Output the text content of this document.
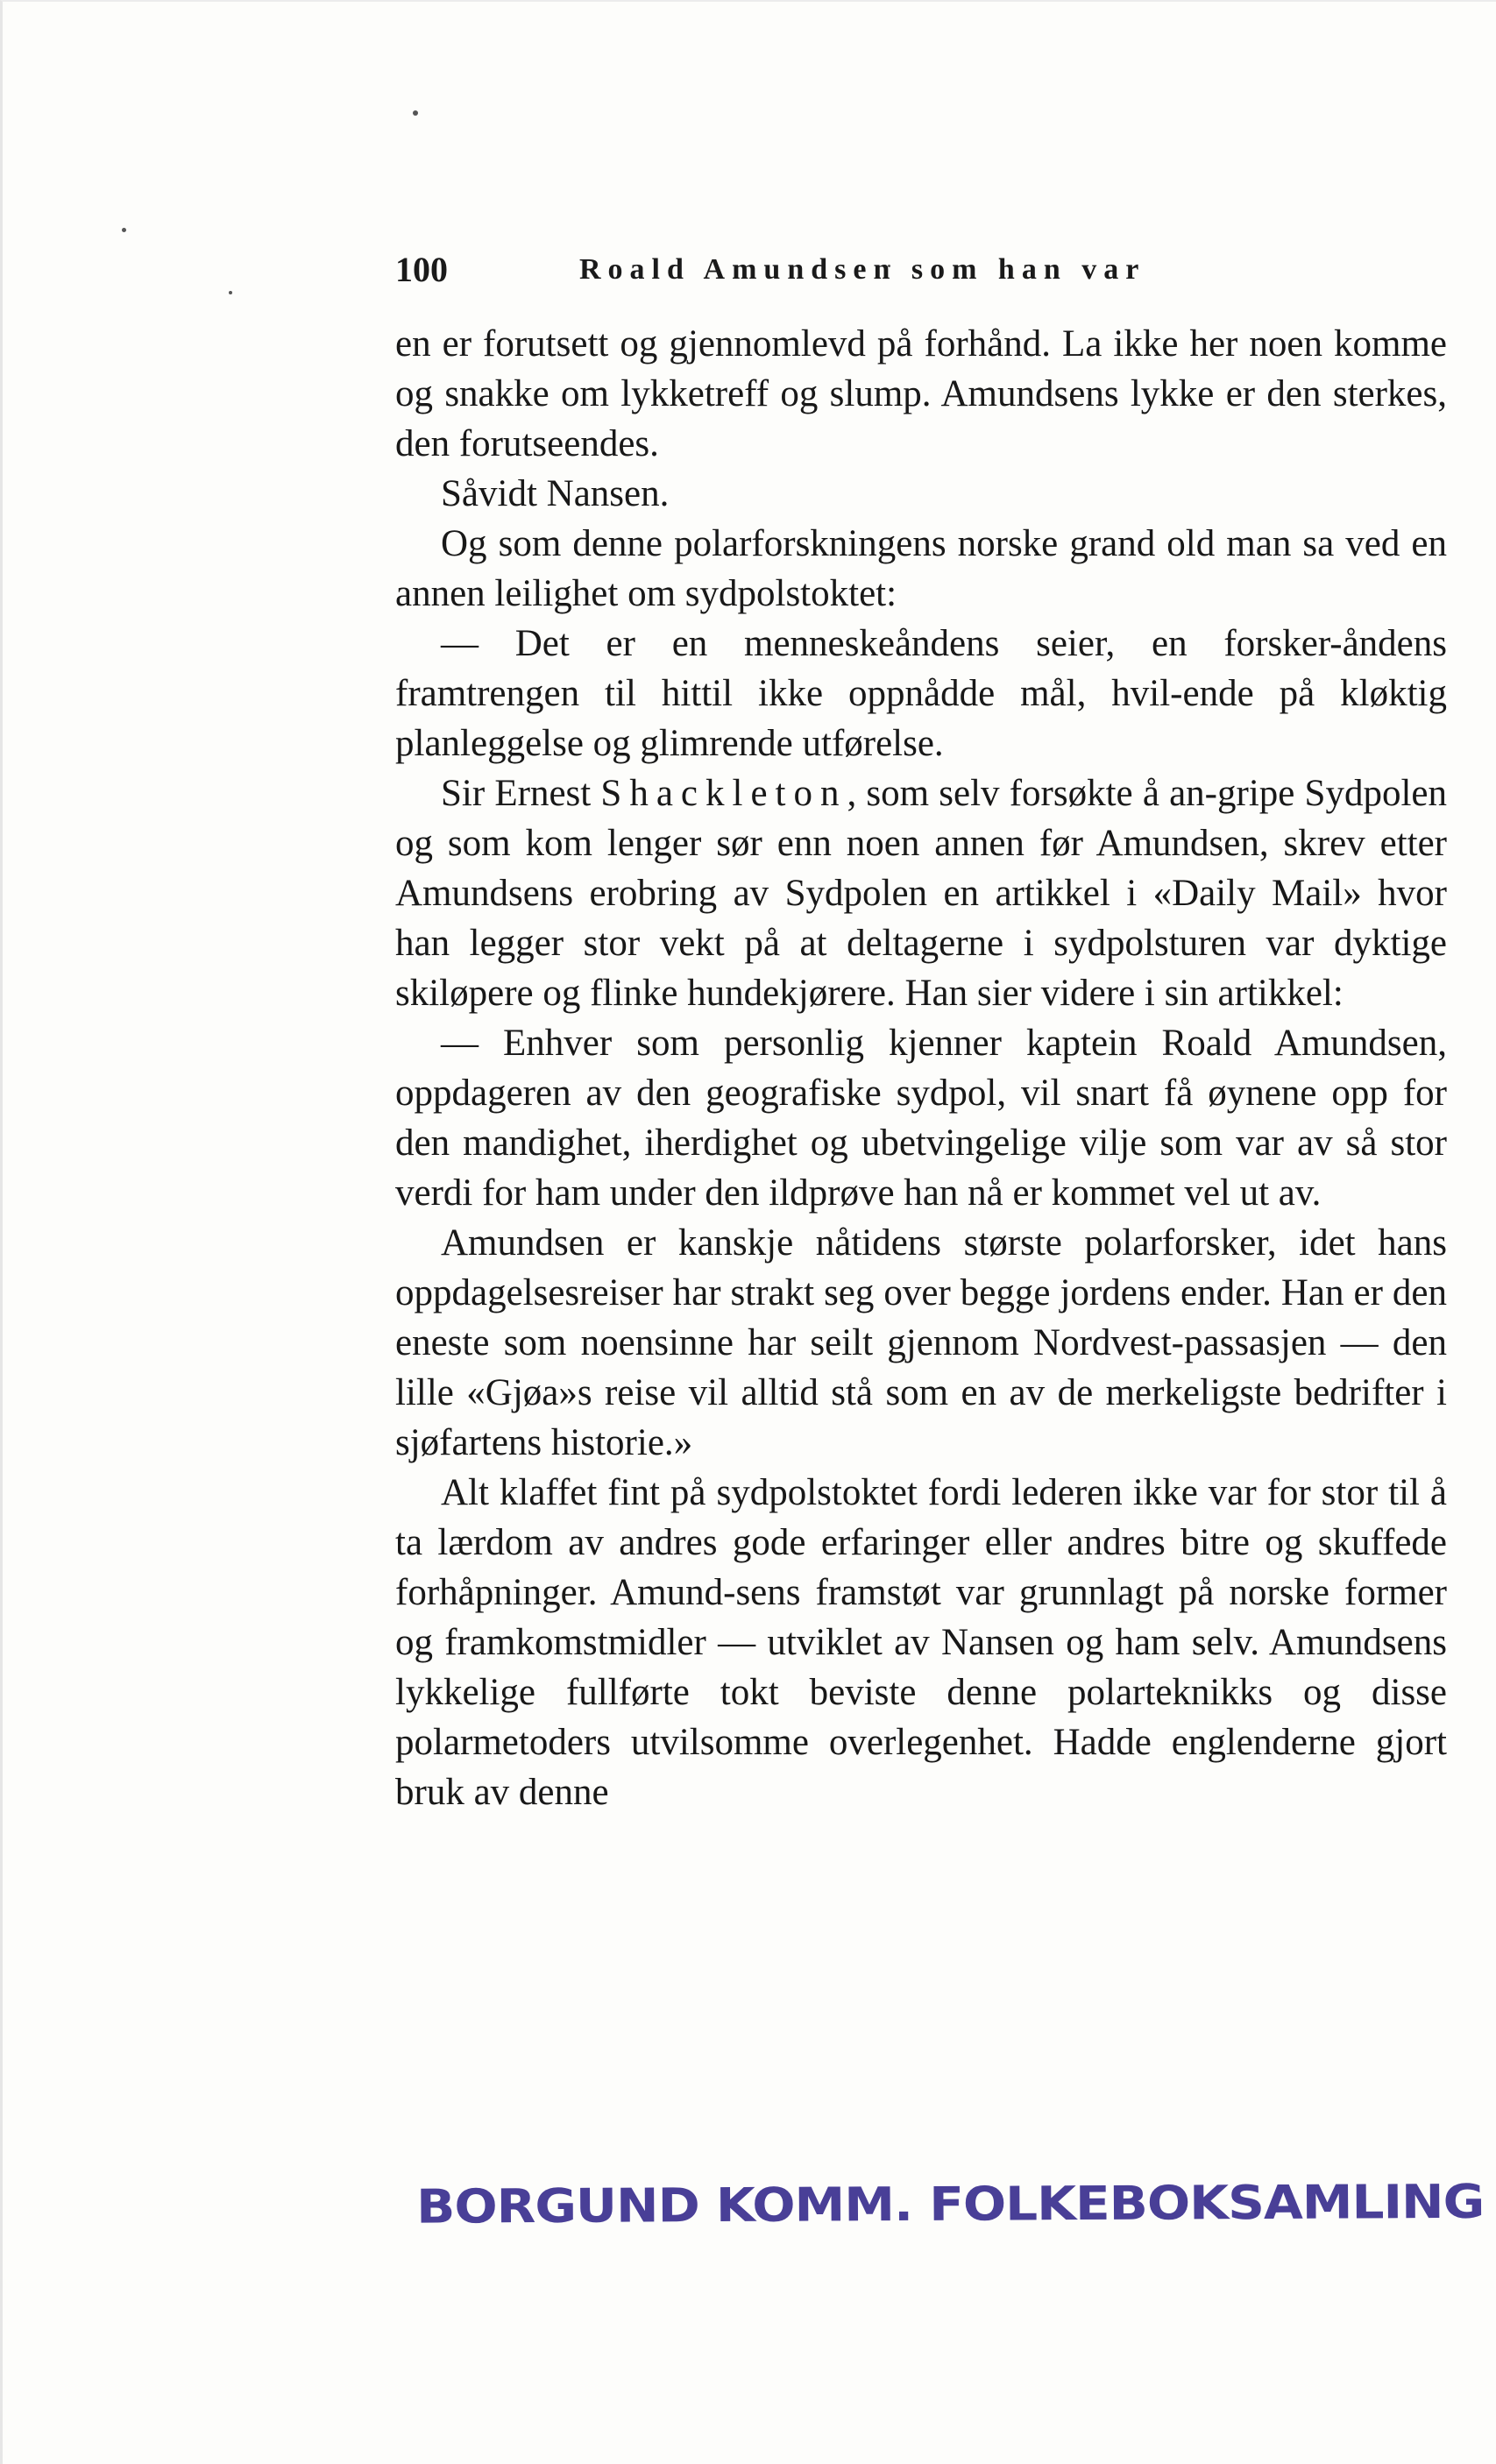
100	Roald Amundsen som han var

en er forutsett og gjennomlevd på forhånd. La ikke her noen komme og snakke om lykketreff og slump. Amundsens lykke er den sterkes, den forutseendes.

Såvidt Nansen.

Og som denne polarforskningens norske grand old man sa ved en annen leilighet om sydpolstoktet:

— Det er en menneskeåndens seier, en forsker-åndens framtrengen til hittil ikke oppnådde mål, hvil-ende på kløktig planleggelse og glimrende utførelse.

Sir Ernest Shackleton, som selv forsøkte å an-gripe Sydpolen og som kom lenger sør enn noen annen før Amundsen, skrev etter Amundsens erobring av Sydpolen en artikkel i «Daily Mail» hvor han legger stor vekt på at deltagerne i sydpolsturen var dyktige skiløpere og flinke hundekjørere. Han sier videre i sin artikkel:

— Enhver som personlig kjenner kaptein Roald Amundsen, oppdageren av den geografiske sydpol, vil snart få øynene opp for den mandighet, iherdighet og ubetvingelige vilje som var av så stor verdi for ham under den ildprøve han nå er kommet vel ut av.

Amundsen er kanskje nåtidens største polarforsker, idet hans oppdagelsesreiser har strakt seg over begge jordens ender. Han er den eneste som noensinne har seilt gjennom Nordvest-passasjen — den lille «Gjøa»s reise vil alltid stå som en av de merkeligste bedrifter i sjøfartens historie.»

Alt klaffet fint på sydpolstoktet fordi lederen ikke var for stor til å ta lærdom av andres gode erfaringer eller andres bitre og skuffede forhåpninger. Amund-sens framstøt var grunnlagt på norske former og framkomstmidler — utviklet av Nansen og ham selv. Amundsens lykkelige fullførte tokt beviste denne polarteknikks og disse polarmetoders utvilsomme overlegenhet. Hadde englenderne gjort bruk av denne

BORGUND KOMM. FOLKEBOKSAMLING
